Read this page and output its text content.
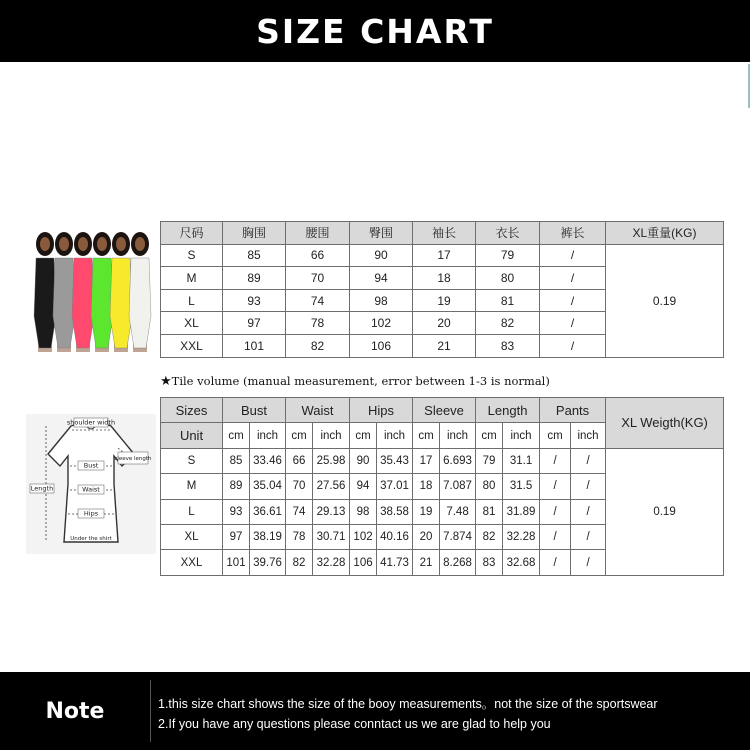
SIZE CHART
尺码	胸围	腰围	臀围	袖长	衣长	裤长	XL重量(KG)
S	85	66	90	17	79	/	0.19
M	89	70	94	18	80	/	
L	93	74	98	19	81	/	
XL	97	78	102	20	82	/	
XXL	101	82	106	21	83	/	
★Tile volume (manual measurement, error between 1-3 is normal)
shoulder width
Bust
Waist
Hips
Length
sleeve length
Under the shirt
Sizes	Bust		Waist		Hips		Sleeve		Length		Pants		XL Weigth(KG)
Unit	cm	inch	cm	inch	cm	inch	cm	inch	cm	inch	cm	inch	
S	85	33.46	66	25.98	90	35.43	17	6.693	79	31.1	/	/	0.19
M	89	35.04	70	27.56	94	37.01	18	7.087	80	31.5	/	/	
L	93	36.61	74	29.13	98	38.58	19	7.48	81	31.89	/	/	
XL	97	38.19	78	30.71	102	40.16	20	7.874	82	32.28	/	/	
XXL	101	39.76	82	32.28	106	41.73	21	8.268	83	32.68	/	/	
Note	1.this size chart shows the size of the booy measurements。not the size of the sportswear
2.If you have any questions please conntact us we are glad to help you
